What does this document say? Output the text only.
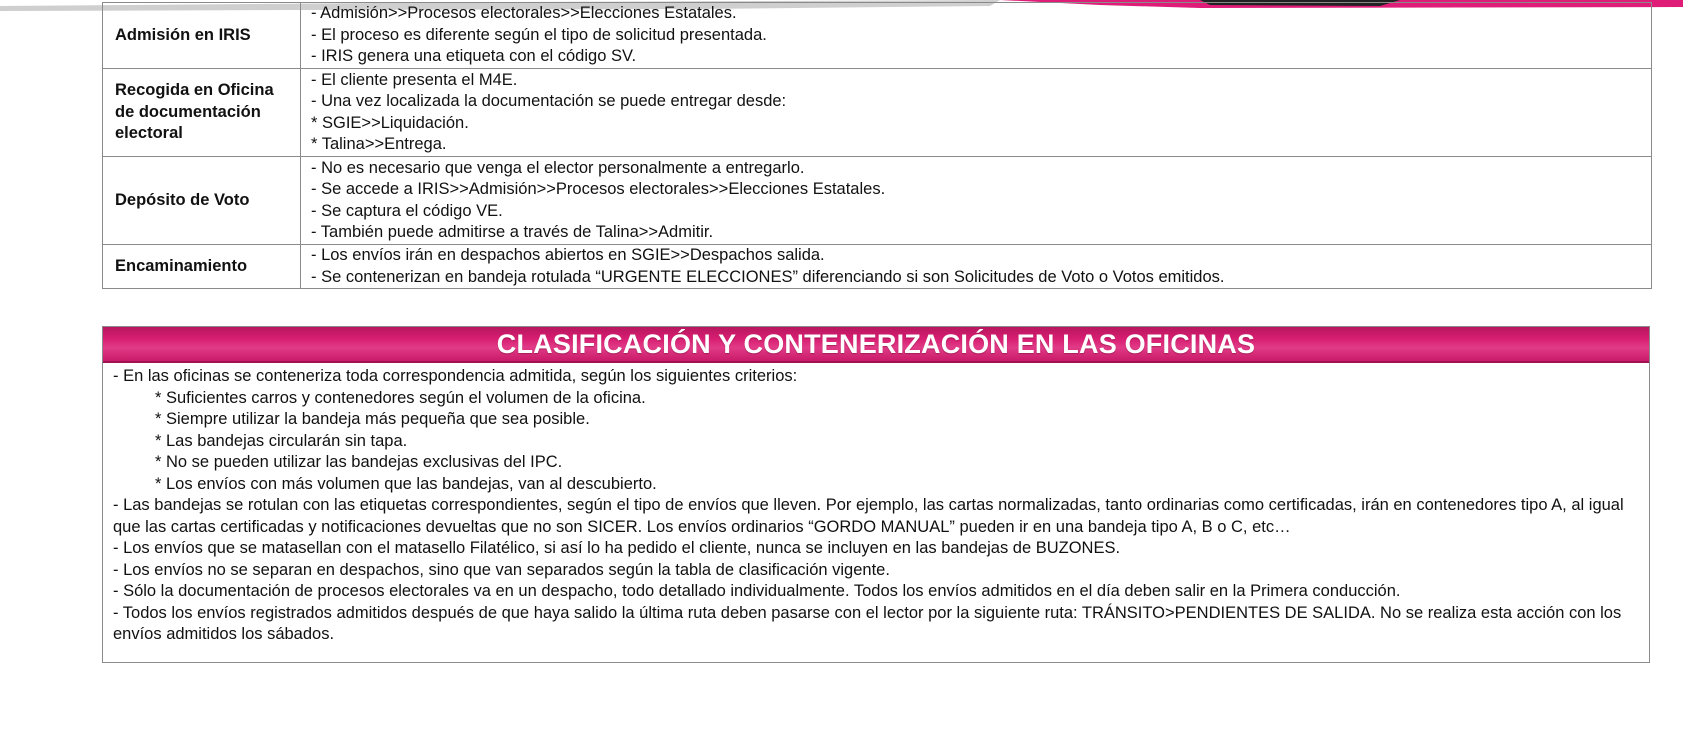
Admisión en IRIS	- Admisión>>Procesos electorales>>Elecciones Estatales.
- El proceso es diferente según el tipo de solicitud presentada.
- IRIS genera una etiqueta con el código SV.

Recogida en Oficina de documentación electoral	- El cliente presenta el M4E.
- Una vez localizada la documentación se puede entregar desde:
* SGIE>>Liquidación.
* Talina>>Entrega.

Depósito de Voto	- No es necesario que venga el elector personalmente a entregarlo.
- Se accede a IRIS>>Admisión>>Procesos electorales>>Elecciones Estatales.
- Se captura el código VE.
- También puede admitirse a través de Talina>>Admitir.

Encaminamiento	- Los envíos irán en despachos abiertos en SGIE>>Despachos salida.
- Se contenerizan en bandeja rotulada “URGENTE ELECCIONES” diferenciando si son Solicitudes de Voto o Votos emitidos.
CLASIFICACIÓN Y CONTENERIZACIÓN EN LAS OFICINAS
- En las oficinas se conteneriza toda correspondencia admitida, según los siguientes criterios:
* Suficientes carros y contenedores según el volumen de la oficina.
* Siempre utilizar la bandeja más pequeña que sea posible.
* Las bandejas circularán sin tapa.
* No se pueden utilizar las bandejas exclusivas del IPC.
* Los envíos con más volumen que las bandejas, van al descubierto.
- Las bandejas se rotulan con las etiquetas correspondientes, según el tipo de envíos que lleven. Por ejemplo, las cartas normalizadas, tanto ordinarias como certificadas, irán en contenedores tipo A, al igual que las cartas certificadas y notificaciones devueltas que no son SICER. Los envíos ordinarios “GORDO MANUAL” pueden ir en una bandeja tipo A, B o C, etc…
- Los envíos que se matasellan con el matasello Filatélico, si así lo ha pedido el cliente, nunca se incluyen en las bandejas de BUZONES.
- Los envíos no se separan en despachos, sino que van separados según la tabla de clasificación vigente.
- Sólo la documentación de procesos electorales va en un despacho, todo detallado individualmente. Todos los envíos admitidos en el día deben salir en la Primera conducción.
- Todos los envíos registrados admitidos después de que haya salido la última ruta deben pasarse con el lector por la siguiente ruta: TRÁNSITO>PENDIENTES DE SALIDA. No se realiza esta acción con los envíos admitidos los sábados.
